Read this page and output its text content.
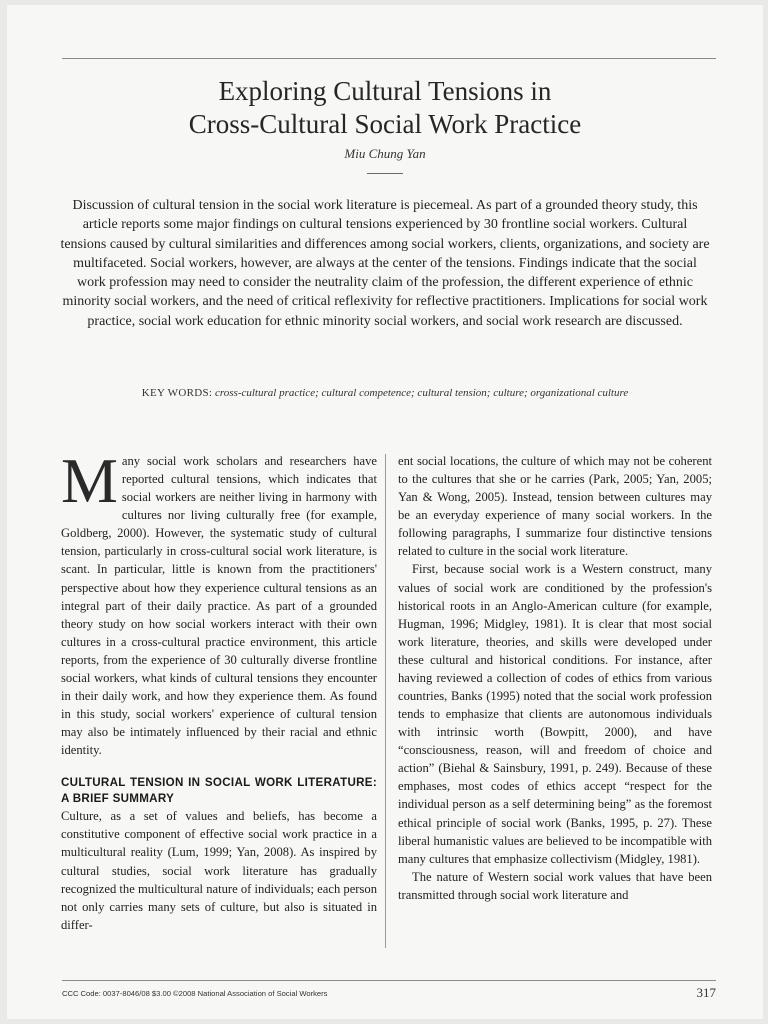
Exploring Cultural Tensions in
Cross-Cultural Social Work Practice
Miu Chung Yan

Discussion of cultural tension in the social work literature is piecemeal. As part of a grounded theory study, this article reports some major findings on cultural tensions experienced by 30 frontline social workers. Cultural tensions caused by cultural similarities and differences among social workers, clients, organizations, and society are multifaceted. Social workers, however, are always at the center of the tensions. Findings indicate that the social work profession may need to consider the neutrality claim of the profession, the different experience of ethnic minority social workers, and the need of critical reflexivity for reflective practitioners. Implications for social work practice, social work education for ethnic minority social workers, and social work research are discussed.

KEY WORDS: cross-cultural practice; cultural competence; cultural tension; culture; organizational culture

Many social work scholars and researchers have reported cultural tensions, which indicates that social workers are neither living in harmony with cultures nor living culturally free (for example, Goldberg, 2000). However, the systematic study of cultural tension, particularly in cross-cultural social work literature, is scant. In particular, little is known from the practitioners' perspective about how they experience cultural tensions as an integral part of their daily practice. As part of a grounded theory study on how social workers interact with their own cultures in a cross-cultural practice environment, this article reports, from the experience of 30 culturally diverse frontline social workers, what kinds of cultural tensions they encounter in their daily work, and how they experience them. As found in this study, social workers' experience of cultural tension may also be intimately influenced by their racial and ethnic identity.

CULTURAL TENSION IN SOCIAL WORK LITERATURE: A BRIEF SUMMARY

Culture, as a set of values and beliefs, has become a constitutive component of effective social work practice in a multicultural reality (Lum, 1999; Yan, 2008). As inspired by cultural studies, social work literature has gradually recognized the multicultural nature of individuals; each person not only carries many sets of culture, but also is situated in differ-

ent social locations, the culture of which may not be coherent to the cultures that she or he carries (Park, 2005; Yan, 2005; Yan & Wong, 2005). Instead, tension between cultures may be an everyday experience of many social workers. In the following paragraphs, I summarize four distinctive tensions related to culture in the social work literature.

First, because social work is a Western construct, many values of social work are conditioned by the profession's historical roots in an Anglo-American culture (for example, Hugman, 1996; Midgley, 1981). It is clear that most social work literature, theories, and skills were developed under these cultural and historical conditions. For instance, after having reviewed a collection of codes of ethics from various countries, Banks (1995) noted that the social work profession tends to emphasize that clients are autonomous individuals with intrinsic worth (Bowpitt, 2000), and have “consciousness, reason, will and freedom of choice and action” (Biehal & Sainsbury, 1991, p. 249). Because of these emphases, most codes of ethics accept “respect for the individual person as a self determining being” as the foremost ethical principle of social work (Banks, 1995, p. 27). These liberal humanistic values are believed to be incompatible with many cultures that emphasize collectivism (Midgley, 1981).

The nature of Western social work values that have been transmitted through social work literature and

CCC Code: 0037-8046/08 $3.00 ©2008 National Association of Social Workers	317
